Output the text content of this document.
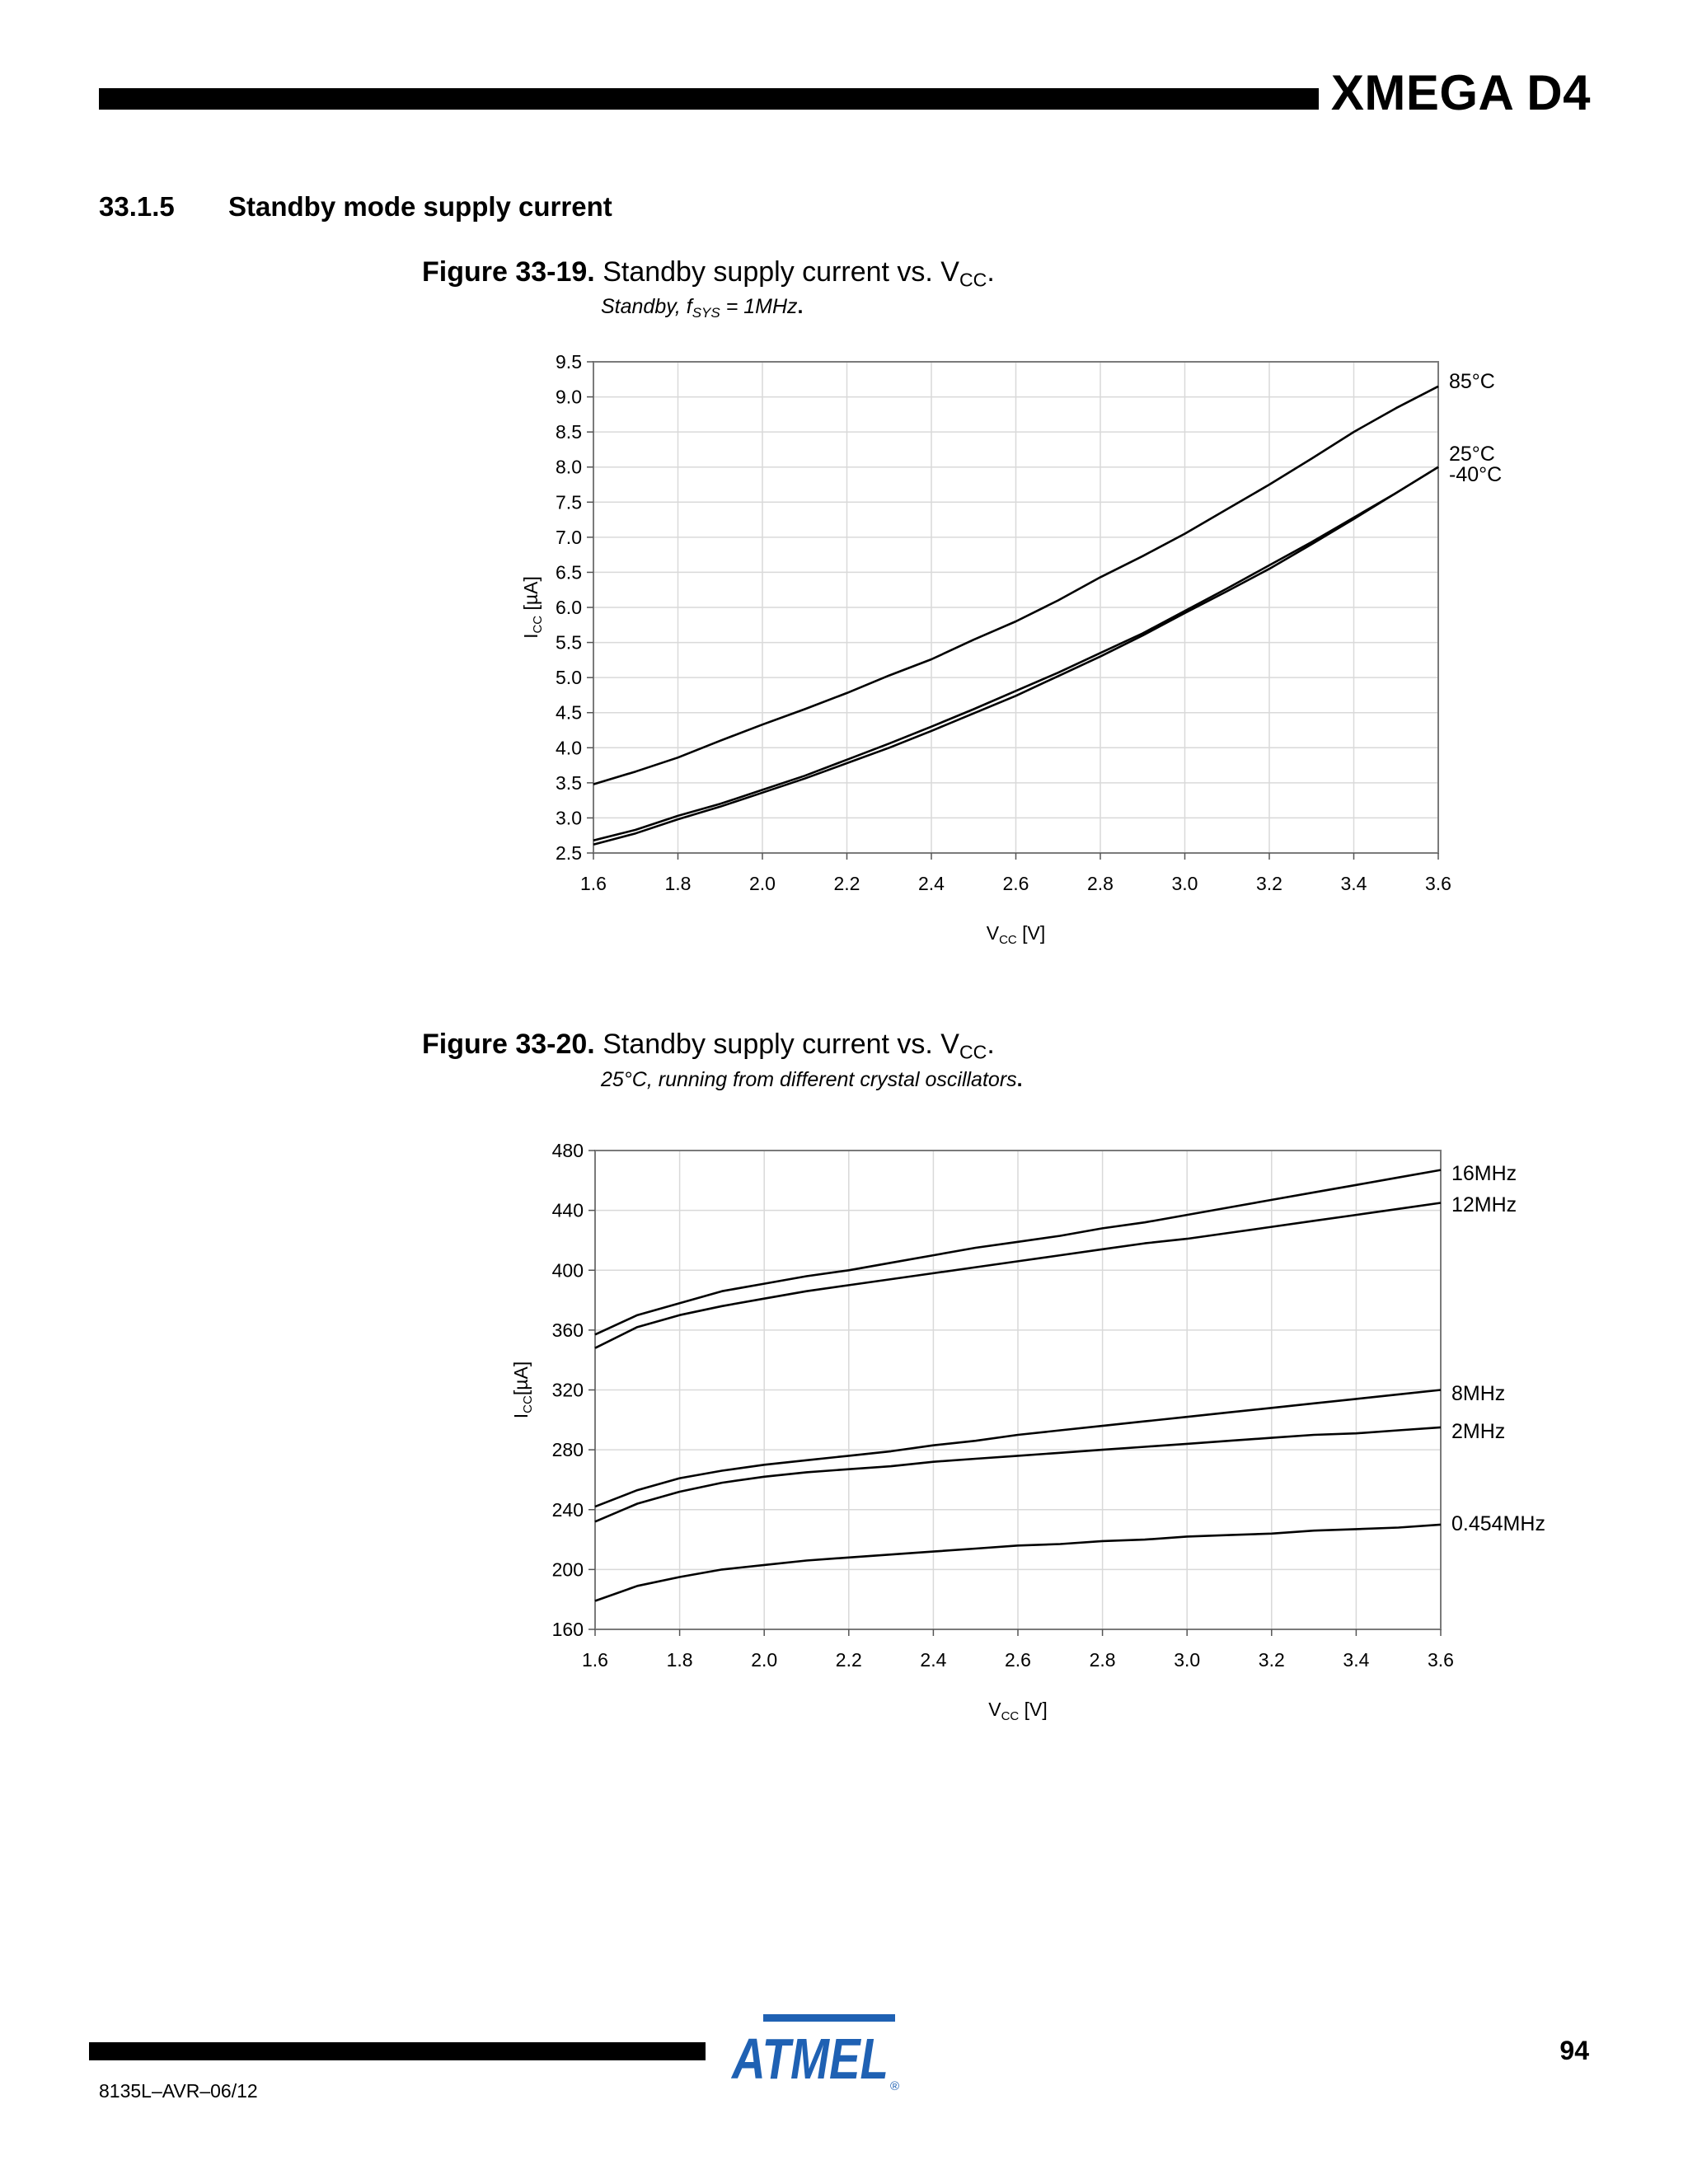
XMEGA D4
33.1.5 Standby mode supply current
Figure 33-19. Standby supply current vs. $V_{CC}$.
Standby, $f_{SYS} = 1MHz$.
1.6	1.8	2.0	2.2	2.4	2.6	2.8	3.0	3.2	3.4	3.6
2.5
3.0
3.5
4.0
4.5
5.0
5.5
6.0
6.5
7.0
7.5
8.0
8.5
9.0
9.5
$V_{CC}$ [V]
$I_{CC}$ [µA]
85°C
25°C
-40°C
Figure 33-20. Standby supply current vs. $V_{CC}$.
25°C, running from different crystal oscillators.
1.6	1.8	2.0	2.2	2.4	2.6	2.8	3.0	3.2	3.4	3.6
160
200
240
280
320
360
400
440
480
$V_{CC}$ [V]
$I_{CC}[\mu A]$
16MHz
12MHz
8MHz
2MHz
0.454MHz
8135L–AVR–06/12
94
ATMEL ®
